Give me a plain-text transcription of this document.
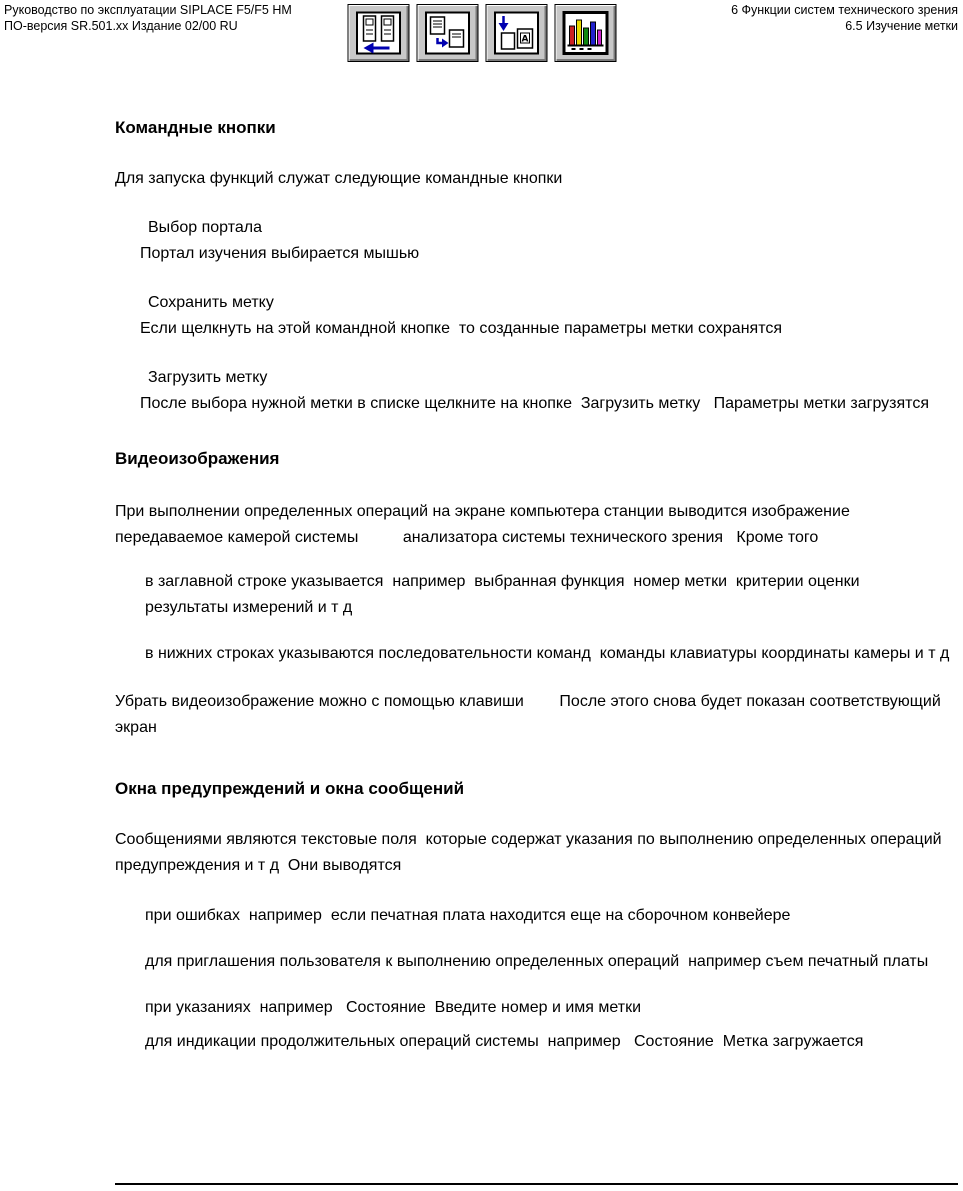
Руководство по эксплуатации SIPLACE F5/F5 HM
ПО-версия SR.501.xx Издание 02/00 RU
6 Функции систем технического зрения
6.5 Изучение метки
A
Командные кнопки

Для запуска функций служат следующие командные кнопки

Выбор портала
Портал изучения выбирается мышью
Сохранить метку
Если щелкнуть на этой командной кнопке  то созданные параметры метки сохранятся
Загрузить метку
После выбора нужной метки в списке щелкните на кнопке  Загрузить метку   Параметры метки загрузятся
Видеоизображения

При выполнении определенных операций на экране компьютера станции выводится изображение  передаваемое камерой системы          анализатора системы технического зрения   Кроме того

в заглавной строке указывается  например  выбранная функция  номер метки  критерии оценки  результаты измерений и т д

в нижних строках указываются последовательности команд  команды клавиатуры координаты камеры и т д

Убрать видеоизображение можно с помощью клавиши        После этого снова будет показан соответствующий экран

Окна предупреждений и окна сообщений

Сообщениями являются текстовые поля  которые содержат указания по выполнению определенных операций  предупреждения и т д  Они выводятся

при ошибках  например  если печатная плата находится еще на сборочном конвейере

для приглашения пользователя к выполнению определенных операций  например съем печатный платы

при указаниях  например   Состояние  Введите номер и имя метки

для индикации продолжительных операций системы  например   Состояние  Метка загружается
